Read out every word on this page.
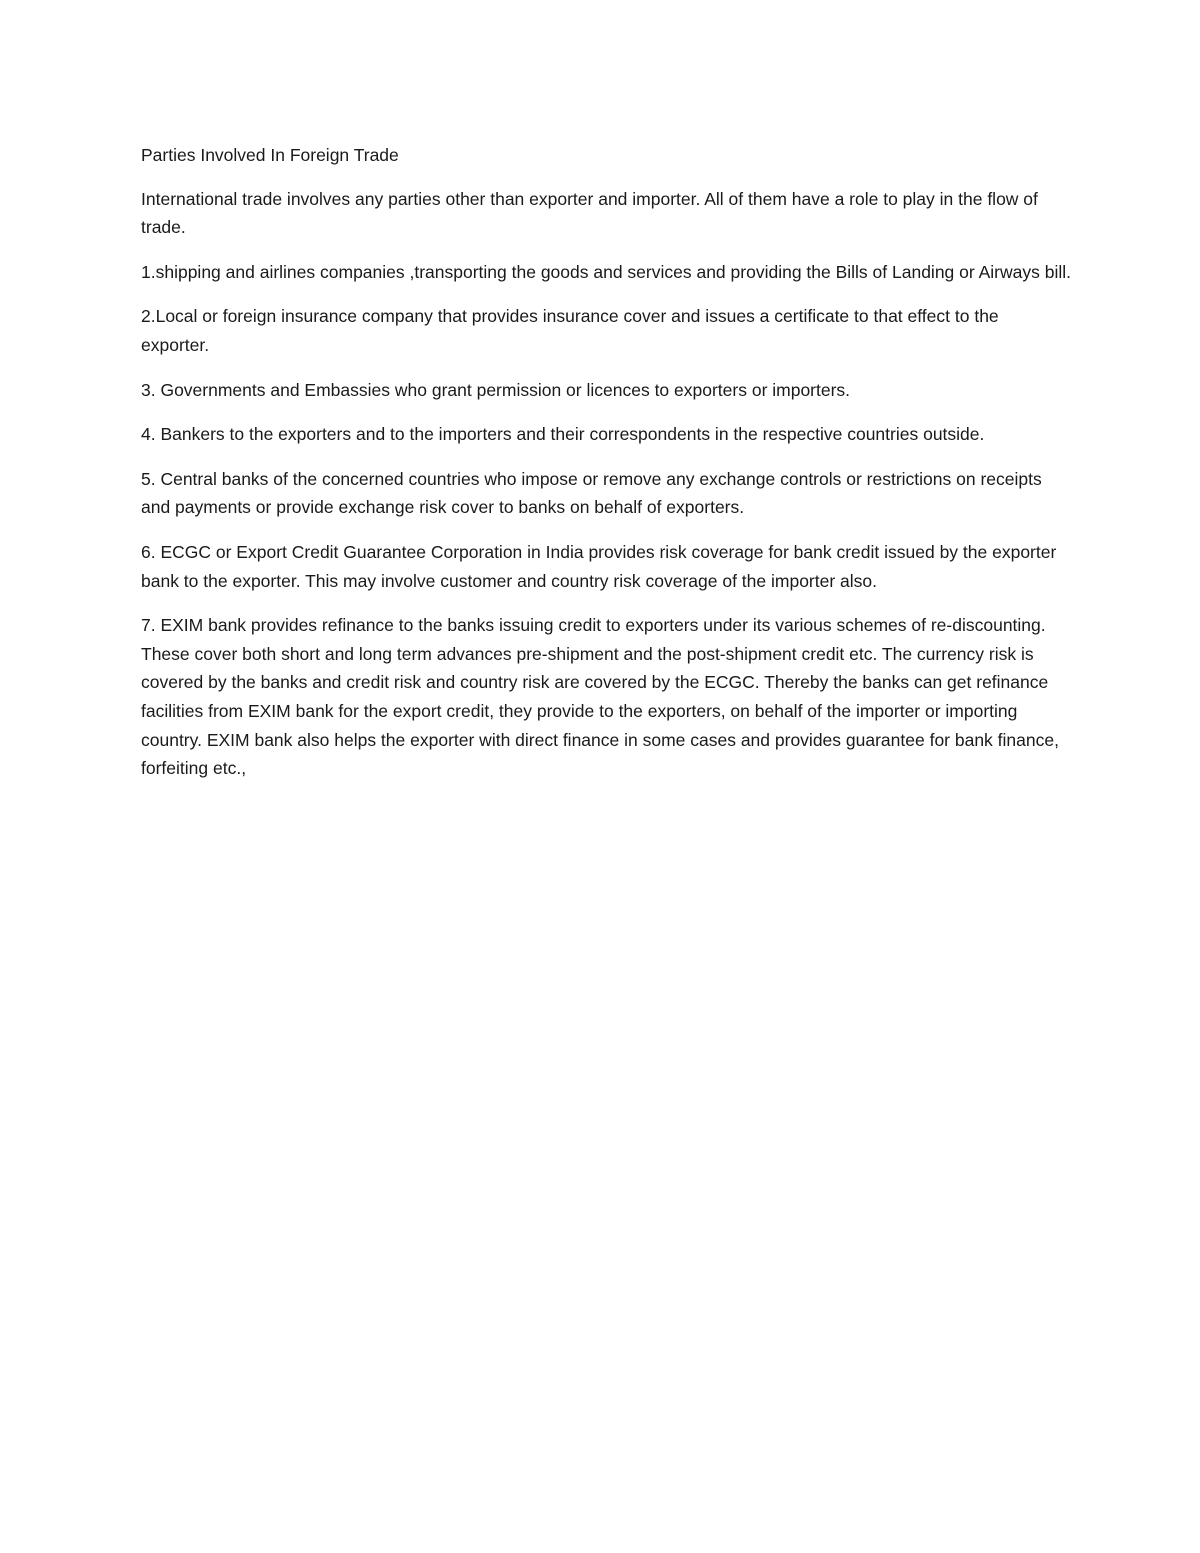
Parties Involved In Foreign Trade

International trade involves any parties other than exporter and importer. All of them have a role to play in the flow of trade.

1.shipping and airlines companies ,transporting the goods and services and providing the Bills of Landing or Airways bill.

2.Local or foreign insurance company that provides insurance cover and issues a certificate to that effect to the exporter.

3. Governments and Embassies who grant permission or licences to exporters or importers.

4. Bankers to the exporters and to the importers and their correspondents in the respective countries outside.

5. Central banks of the concerned countries who impose or remove any exchange controls or restrictions on receipts and payments or provide exchange risk cover to banks on behalf of exporters.

6. ECGC or Export Credit Guarantee Corporation in India provides risk coverage for bank credit issued by the exporter bank to the exporter. This may involve customer and country risk coverage of the importer also.

7. EXIM bank provides refinance to the banks issuing credit to exporters under its various schemes of re-discounting. These cover both short and long term advances pre-shipment and the post-shipment credit etc. The currency risk is covered by the banks and credit risk and country risk are covered by the ECGC. Thereby the banks can get refinance facilities from EXIM bank for the export credit, they provide to the exporters, on behalf of the importer or importing country. EXIM bank also helps the exporter with direct finance in some cases and provides guarantee for bank finance, forfeiting etc.,
